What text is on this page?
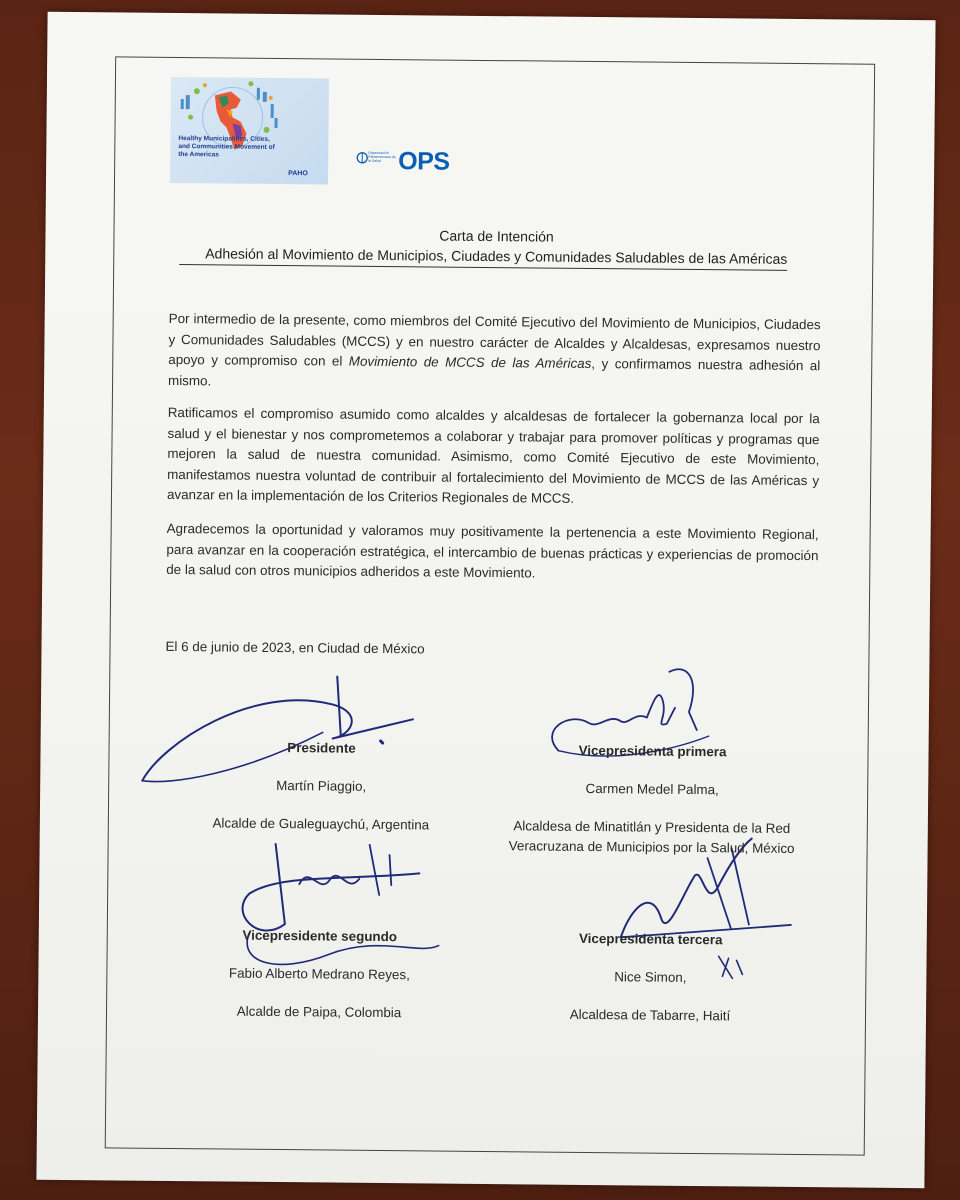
Healthy Municipalities, Cities, and Communities Movement of the Americas
PAHO
Organización Panamericana de la Salud OPS
Carta de Intención
Adhesión al Movimiento de Municipios, Ciudades y Comunidades Saludables de las Américas
Por intermedio de la presente, como miembros del Comité Ejecutivo del Movimiento de Municipios, Ciudades y Comunidades Saludables (MCCS) y en nuestro carácter de Alcaldes y Alcaldesas, expresamos nuestro apoyo y compromiso con el Movimiento de MCCS de las Américas, y confirmamos nuestra adhesión al mismo.
Ratificamos el compromiso asumido como alcaldes y alcaldesas de fortalecer la gobernanza local por la salud y el bienestar y nos comprometemos a colaborar y trabajar para promover políticas y programas que mejoren la salud de nuestra comunidad. Asimismo, como Comité Ejecutivo de este Movimiento, manifestamos nuestra voluntad de contribuir al fortalecimiento del Movimiento de MCCS de las Américas y avanzar en la implementación de los Criterios Regionales de MCCS.
Agradecemos la oportunidad y valoramos muy positivamente la pertenencia a este Movimiento Regional, para avanzar en la cooperación estratégica, el intercambio de buenas prácticas y experiencias de promoción de la salud con otros municipios adheridos a este Movimiento.
El 6 de junio de 2023, en Ciudad de México
Presidente
Martín Piaggio,
Alcalde de Gualeguaychú, Argentina
Vicepresidenta primera
Carmen Medel Palma,
Alcaldesa de Minatitlán y Presidenta de la Red
Veracruzana de Municipios por la Salud, México
Vicepresidente segundo
Fabio Alberto Medrano Reyes,
Alcalde de Paipa, Colombia
Vicepresidenta tercera
Nice Simon,
Alcaldesa de Tabarre, Haití
